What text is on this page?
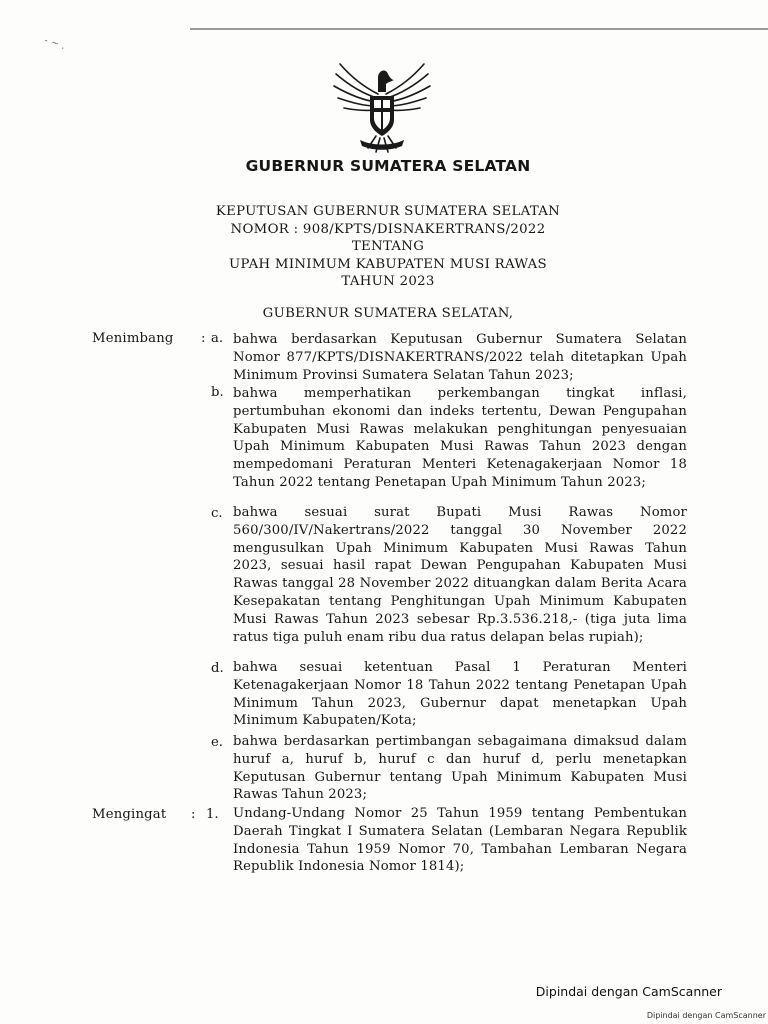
- ~ .
GUBERNUR SUMATERA SELATAN
KEPUTUSAN GUBERNUR SUMATERA SELATAN
NOMOR : 908/KPTS/DISNAKERTRANS/2022
TENTANG
UPAH MINIMUM KABUPATEN MUSI RAWAS
TAHUN 2023
GUBERNUR SUMATERA SELATAN,
Menimbang : a. bahwa berdasarkan Keputusan Gubernur Sumatera Selatan Nomor 877/KPTS/DISNAKERTRANS/2022 telah ditetapkan Upah Minimum Provinsi Sumatera Selatan Tahun 2023;
b. bahwa memperhatikan perkembangan tingkat inflasi, pertumbuhan ekonomi dan indeks tertentu, Dewan Pengupahan Kabupaten Musi Rawas melakukan penghitungan penyesuaian Upah Minimum Kabupaten Musi Rawas Tahun 2023 dengan mempedomani Peraturan Menteri Ketenagakerjaan Nomor 18 Tahun 2022 tentang Penetapan Upah Minimum Tahun 2023;
c. bahwa sesuai surat Bupati Musi Rawas Nomor 560/300/IV/Nakertrans/2022 tanggal 30 November 2022 mengusulkan Upah Minimum Kabupaten Musi Rawas Tahun 2023, sesuai hasil rapat Dewan Pengupahan Kabupaten Musi Rawas tanggal 28 November 2022 dituangkan dalam Berita Acara Kesepakatan tentang Penghitungan Upah Minimum Kabupaten Musi Rawas Tahun 2023 sebesar Rp.3.536.218,- (tiga juta lima ratus tiga puluh enam ribu dua ratus delapan belas rupiah);
d. bahwa sesuai ketentuan Pasal 1 Peraturan Menteri Ketenagakerjaan Nomor 18 Tahun 2022 tentang Penetapan Upah Minimum Tahun 2023, Gubernur dapat menetapkan Upah Minimum Kabupaten/Kota;
e. bahwa berdasarkan pertimbangan sebagaimana dimaksud dalam huruf a, huruf b, huruf c dan huruf d, perlu menetapkan Keputusan Gubernur tentang Upah Minimum Kabupaten Musi Rawas Tahun 2023;
Mengingat : 1. Undang-Undang Nomor 25 Tahun 1959 tentang Pembentukan Daerah Tingkat I Sumatera Selatan (Lembaran Negara Republik Indonesia Tahun 1959 Nomor 70, Tambahan Lembaran Negara Republik Indonesia Nomor 1814);
Dipindai dengan CamScanner
Dipindai dengan CamScanner
